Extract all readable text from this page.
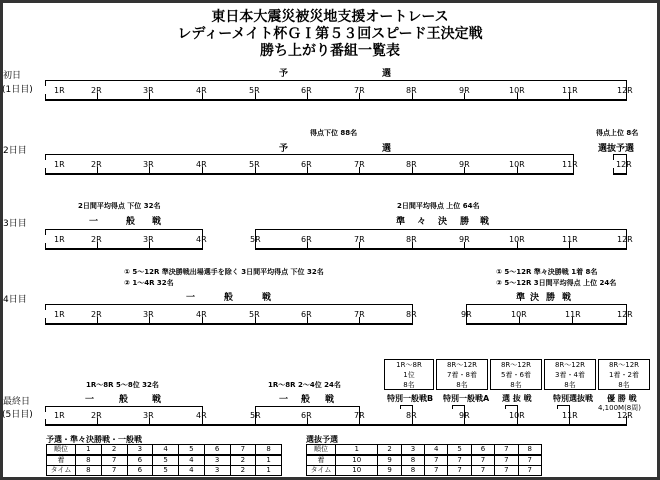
東日本大震災被災地支援オートレース
レディーメイト杯ＧＩ第５３回スピード王決定戦
勝ち上がり番組一覧表
初日
(1日目)
予	選
1R	2R	3R	4R	5R	6R	7R	8R	9R	10R	11R	12R
得点下位 88名	得点上位 8名
2日目	予	選	選抜予選
1R	2R	3R	4R	5R	6R	7R	8R	9R	10R	11R	12R
2日間平均得点 下位 32名	2日間平均得点 上位 64名
3日目	一	般 戦	準 々 決 勝 戦
1R	2R	3R	4R	5R	6R	7R	8R	9R	10R	11R	12R
① 5～12R 準決勝戦出場選手を除く 3日間平均得点 下位 32名
② 1～4R 32名
① 5～12R 準々決勝戦 1着 8名
② 5～12R 3日間平均得点 上位 24名
4日目	一	般	戦	準 決 勝 戦
1R	2R	3R	4R	5R	6R	7R	8R	9R	10R	11R	12R
1R～8R
1位
8名
8R～12R
7着・8着
8名
8R～12R
5着・6着
8名
8R～12R
3着・4着
8名
8R～12R
1着・2着
8名
1R～8R 5～8位 32名	1R～8R 2～4位 24名
最終日
(5日目)
一	般	戦	一 般 戦	特別一般戦B 特別一般戦A 選 抜 戦	特別選抜戦 優 勝 戦
4,100M(8周)
1R	2R	3R	4R	5R	6R	7R	8R	9R	10R	11R	12R
予選・準々決勝戦・一般戦
順位	1	2	3	4	5	6	7	8
着	8	7	6	5	4	3	2	1
タイム	8	7	6	5	4	3	2	1
選抜予選
順位	1	2	3	4	5	6	7	8
着	10	9	8	7	7	7	7	7
タイム	10	9	8	7	7	7	7	7
